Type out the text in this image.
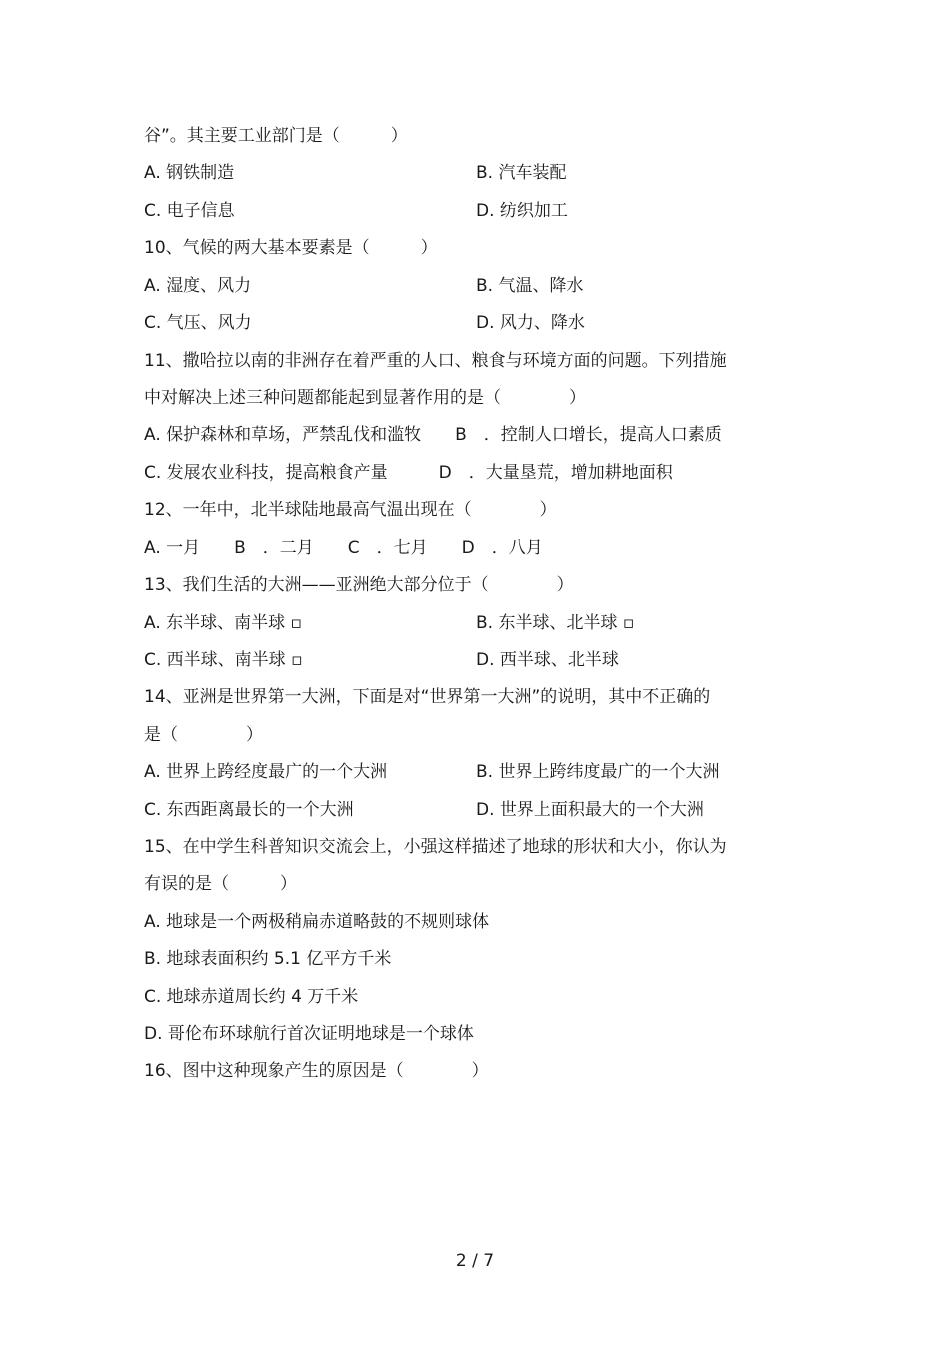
谷”。其主要工业部门是（　　　）
A. 钢铁制造	B. 汽车装配
C. 电子信息	D. 纺织加工
10、气候的两大基本要素是（　　　）
A. 湿度、风力	B. 气温、降水
C. 气压、风力	D. 风力、降水
11、撒哈拉以南的非洲存在着严重的人口、粮食与环境方面的问题。下列措施
中对解决上述三种问题都能起到显著作用的是（　　　　）
A. 保护森林和草场，严禁乱伐和滥牧　　B　．控制人口增长，提高人口素质
C. 发展农业科技，提高粮食产量　　　D　．大量垦荒，增加耕地面积
12、一年中，北半球陆地最高气温出现在（　　　　）
A. 一月　　B　．二月　　C　．七月　　D　．八月
13、我们生活的大洲——亚洲绝大部分位于（　　　　）
A. 东半球、南半球 ▫	B. 东半球、北半球 ▫
C. 西半球、南半球 ▫	D. 西半球、北半球
14、亚洲是世界第一大洲，下面是对“世界第一大洲”的说明，其中不正确的
是（　　　　）
A. 世界上跨经度最广的一个大洲	B. 世界上跨纬度最广的一个大洲
C. 东西距离最长的一个大洲	D. 世界上面积最大的一个大洲
15、在中学生科普知识交流会上，小强这样描述了地球的形状和大小，你认为
有误的是（　　　）
A. 地球是一个两极稍扁赤道略鼓的不规则球体
B. 地球表面积约 5.1 亿平方千米
C. 地球赤道周长约 4 万千米
D. 哥伦布环球航行首次证明地球是一个球体
16、图中这种现象产生的原因是（　　　　）
2 / 7
